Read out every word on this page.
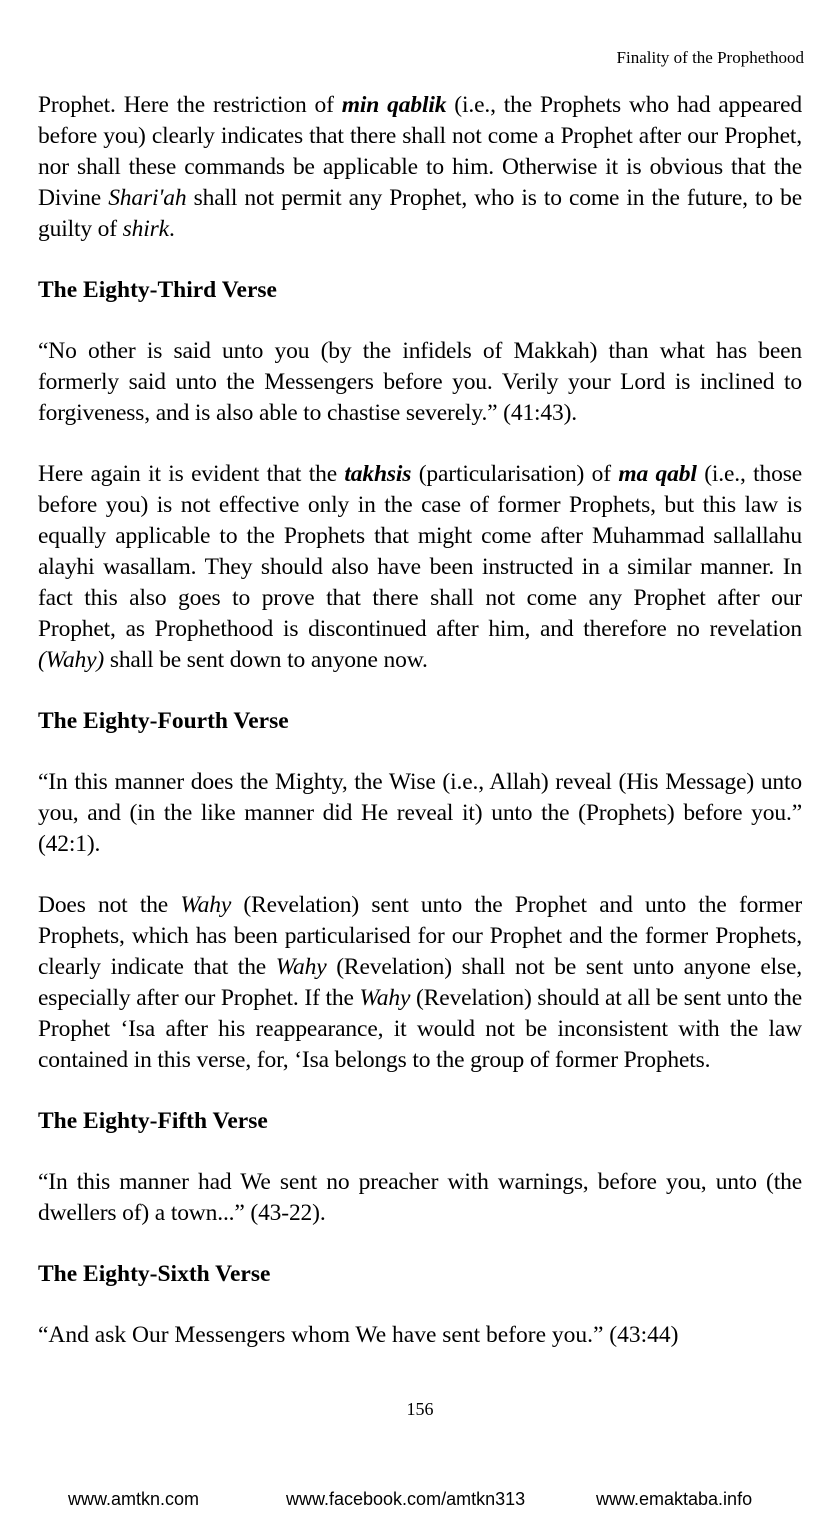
Finality of the Prophethood

Prophet. Here the restriction of min qablik (i.e., the Prophets who had appeared before you) clearly indicates that there shall not come a Prophet after our Prophet, nor shall these commands be applicable to him. Otherwise it is obvious that the Divine Shari'ah shall not permit any Prophet, who is to come in the future, to be guilty of shirk.

The Eighty-Third Verse

“No other is said unto you (by the infidels of Makkah) than what has been formerly said unto the Messengers before you. Verily your Lord is inclined to forgiveness, and is also able to chastise severely.” (41:43).

Here again it is evident that the takhsis (particularisation) of ma qabl (i.e., those before you) is not effective only in the case of former Prophets, but this law is equally applicable to the Prophets that might come after Muhammad sallallahu alayhi wasallam. They should also have been instructed in a similar manner. In fact this also goes to prove that there shall not come any Prophet after our Prophet, as Prophethood is discontinued after him, and therefore no revelation (Wahy) shall be sent down to anyone now.

The Eighty-Fourth Verse

“In this manner does the Mighty, the Wise (i.e., Allah) reveal (His Message) unto you, and (in the like manner did He reveal it) unto the (Prophets) before you.” (42:1).

Does not the Wahy (Revelation) sent unto the Prophet and unto the former Prophets, which has been particularised for our Prophet and the former Prophets, clearly indicate that the Wahy (Revelation) shall not be sent unto anyone else, especially after our Prophet. If the Wahy (Revelation) should at all be sent unto the Prophet ‘Isa after his reappearance, it would not be inconsistent with the law contained in this verse, for, ‘Isa belongs to the group of former Prophets.

The Eighty-Fifth Verse

“In this manner had We sent no preacher with warnings, before you, unto (the dwellers of) a town...” (43-22).

The Eighty-Sixth Verse

“And ask Our Messengers whom We have sent before you.” (43:44)

156
www.amtkn.com	www.facebook.com/amtkn313	www.emaktaba.info
